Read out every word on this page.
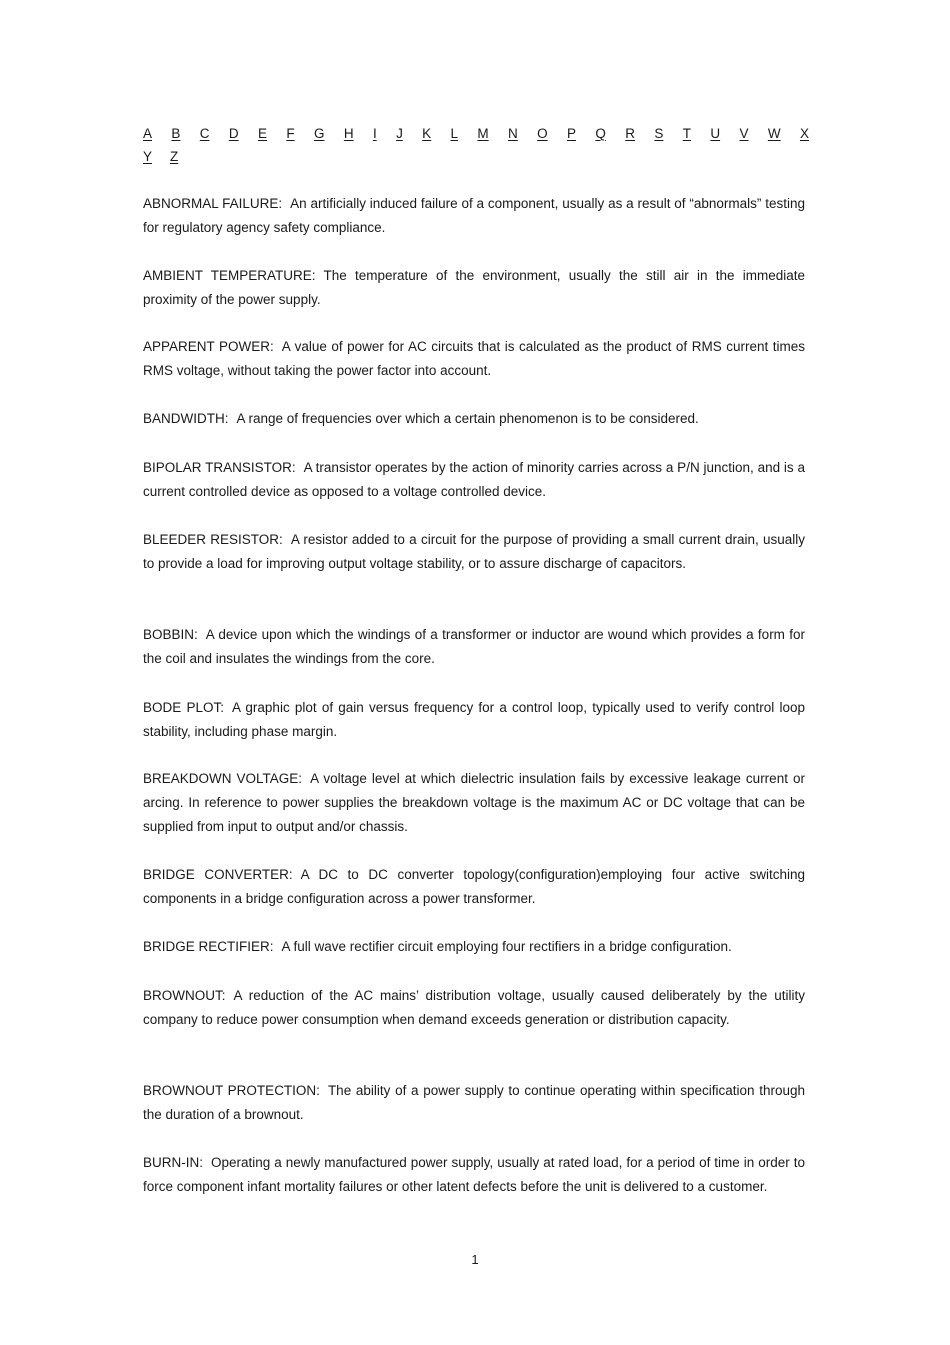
A B C D E F G H I J K L M N O P Q R S T U V W X
Y Z

ABNORMAL FAILURE: An artificially induced failure of a component, usually as a result of “abnormals” testing for regulatory agency safety compliance.

AMBIENT TEMPERATURE: The temperature of the environment, usually the still air in the immediate proximity of the power supply.

APPARENT POWER: A value of power for AC circuits that is calculated as the product of RMS current times RMS voltage, without taking the power factor into account.

BANDWIDTH: A range of frequencies over which a certain phenomenon is to be considered.

BIPOLAR TRANSISTOR: A transistor operates by the action of minority carries across a P/N junction, and is a current controlled device as opposed to a voltage controlled device.

BLEEDER RESISTOR: A resistor added to a circuit for the purpose of providing a small current drain, usually to provide a load for improving output voltage stability, or to assure discharge of capacitors.

BOBBIN: A device upon which the windings of a transformer or inductor are wound which provides a form for the coil and insulates the windings from the core.

BODE PLOT: A graphic plot of gain versus frequency for a control loop, typically used to verify control loop stability, including phase margin.

BREAKDOWN VOLTAGE: A voltage level at which dielectric insulation fails by excessive leakage current or arcing. In reference to power supplies the breakdown voltage is the maximum AC or DC voltage that can be supplied from input to output and/or chassis.

BRIDGE CONVERTER: A DC to DC converter topology(configuration)employing four active switching components in a bridge configuration across a power transformer.

BRIDGE RECTIFIER: A full wave rectifier circuit employing four rectifiers in a bridge configuration.

BROWNOUT: A reduction of the AC mains’ distribution voltage, usually caused deliberately by the utility company to reduce power consumption when demand exceeds generation or distribution capacity.

BROWNOUT PROTECTION: The ability of a power supply to continue operating within specification through the duration of a brownout.

BURN-IN: Operating a newly manufactured power supply, usually at rated load, for a period of time in order to force component infant mortality failures or other latent defects before the unit is delivered to a customer.

1
